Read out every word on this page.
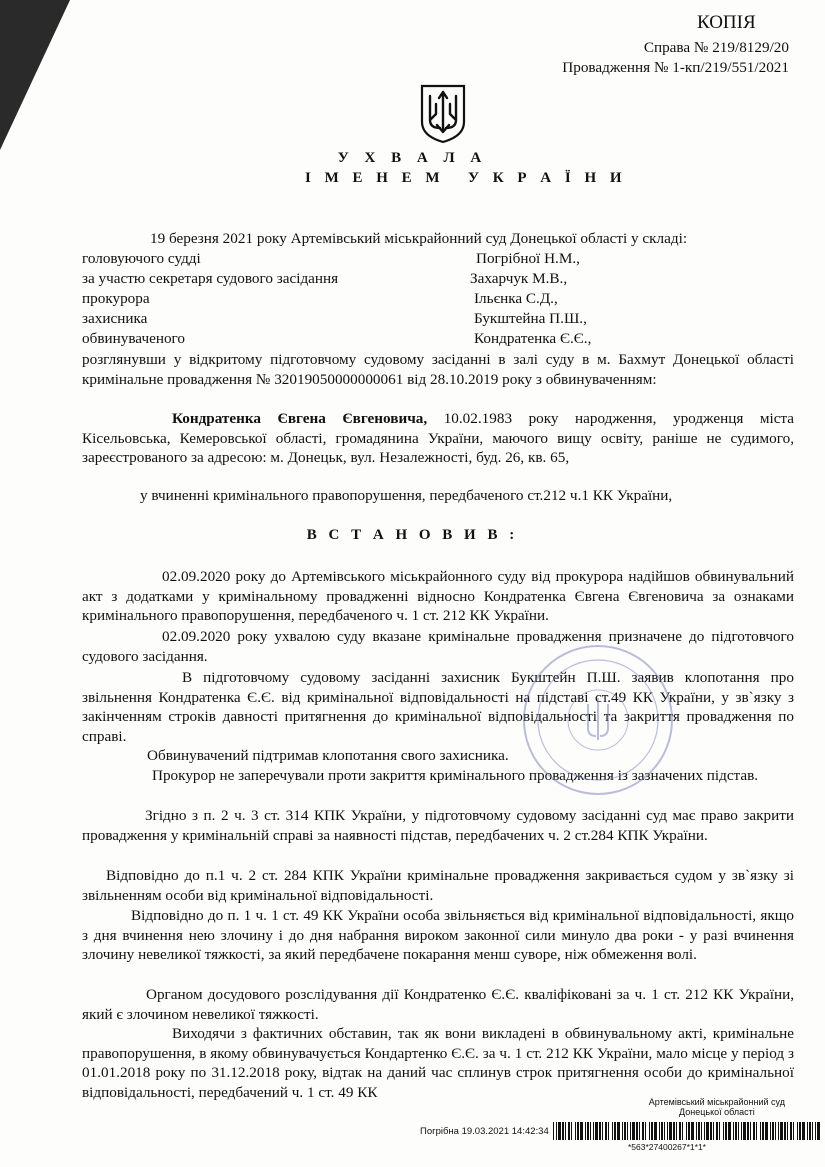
КОПІЯ
Справа № 219/8129/20
Провадження № 1-кп/219/551/2021
У Х В А Л А
І М Е Н Е М У К Р А Ї Н И
19 березня 2021 року Артемівський міськрайонний суд Донецької області у складі:
головуючого судді	Погрібної Н.М.,
за участю секретаря судового засідання	Захарчук М.В.,
прокурора	Ільєнка С.Д.,
захисника	Букштейна П.Ш.,
обвинуваченого	Кондратенка Є.Є.,
розглянувши у відкритому підготовчому судовому засіданні в залі суду в м. Бахмут Донецької області кримінальне провадження № 32019050000000061 від 28.10.2019 року з обвинуваченням:
Кондратенка Євгена Євгеновича, 10.02.1983 року народження, уродженця міста Кісельовська, Кемеровської області, громадянина України, маючого вищу освіту, раніше не судимого, зареєстрованого за адресою: м. Донецьк, вул. Незалежності, буд. 26, кв. 65,
у вчиненні кримінального правопорушення, передбаченого ст.212 ч.1 КК України,
В С Т А Н О В И В :
02.09.2020 року до Артемівського міськрайонного суду від прокурора надійшов обвинувальний акт з додатками у кримінальному провадженні відносно Кондратенка Євгена Євгеновича за ознаками кримінального правопорушення, передбаченого ч. 1 ст. 212 КК України.
02.09.2020 року ухвалою суду вказане кримінальне провадження призначене до підготовчого судового засідання.
В підготовчому судовому засіданні захисник Букштейн П.Ш. заявив клопотання про звільнення Кондратенка Є.Є. від кримінальної відповідальності на підставі ст.49 КК України, у зв`язку з закінченням строків давності притягнення до кримінальної відповідальності та закриття провадження по справі.
Обвинувачений підтримав клопотання свого захисника.
Прокурор не заперечували проти закриття кримінального провадження із зазначених підстав.
Згідно з п. 2 ч. 3 ст. 314 КПК України, у підготовчому судовому засіданні суд має право закрити провадження у кримінальній справі за наявності підстав, передбачених ч. 2 ст.284 КПК України.
Відповідно до п.1 ч. 2 ст. 284 КПК України кримінальне провадження закривається судом у зв`язку зі звільненням особи від кримінальної відповідальності.
Відповідно до п. 1 ч. 1 ст. 49 КК України особа звільняється від кримінальної відповідальності, якщо з дня вчинення нею злочину і до дня набрання вироком законної сили минуло два роки - у разі вчинення злочину невеликої тяжкості, за який передбачене покарання менш суворе, ніж обмеження волі.
Органом досудового розслідування дії Кондратенко Є.Є. кваліфіковані за ч. 1 ст. 212 КК України, який є злочином невеликої тяжкості.
Виходячи з фактичних обставин, так як вони викладені в обвинувальному акті, кримінальне правопорушення, в якому обвинувачується Кондартенко Є.Є. за ч. 1 ст. 212 КК України, мало місце у період з 01.01.2018 року по 31.12.2018 року, відтак на даний час сплинув строк притягнення особи до кримінальної відповідальності, передбачений ч. 1 ст. 49 КК
Артемівський міськрайонний суд
Донецької області
Погрібна 19.03.2021 14:42:34
*563*27400267*1*1*
